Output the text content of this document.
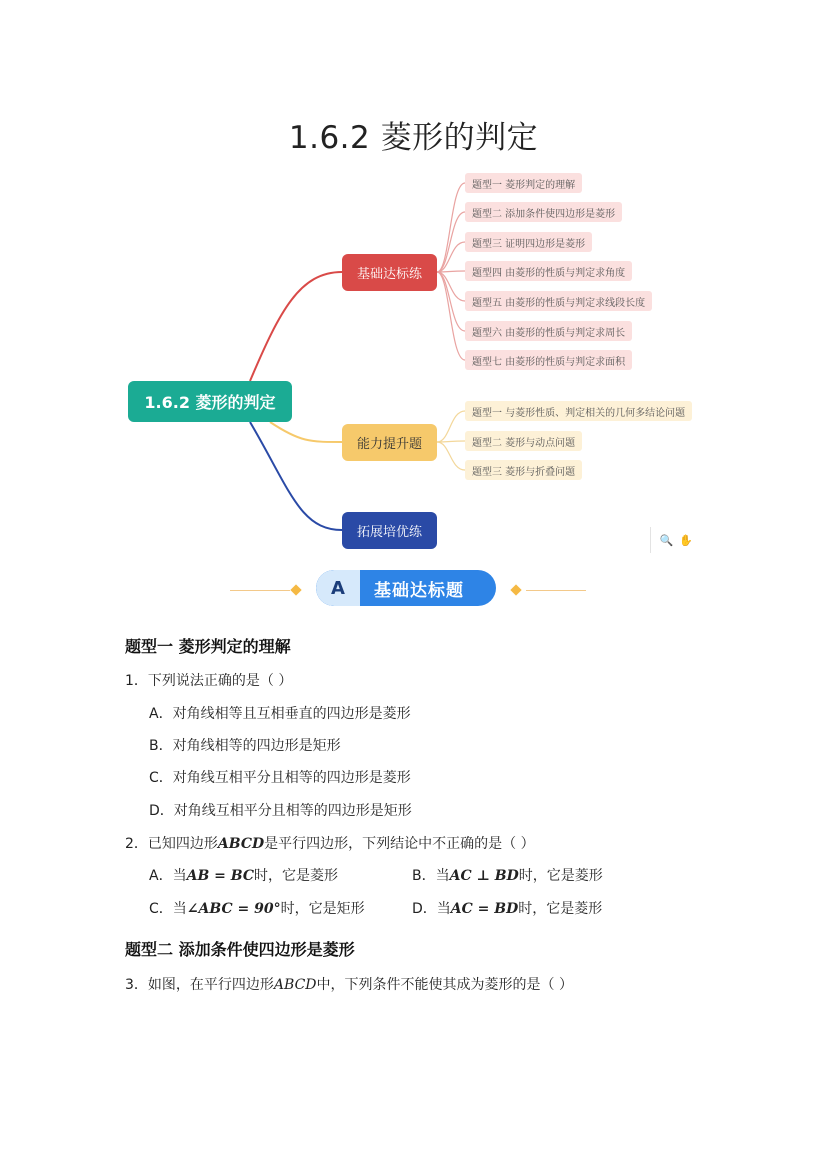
1.6.2 菱形的判定
1.6.2 菱形的判定
基础达标练
能力提升题
拓展培优练
题型一 菱形判定的理解
题型二 添加条件使四边形是菱形
题型三 证明四边形是菱形
题型四 由菱形的性质与判定求角度
题型五 由菱形的性质与判定求线段长度
题型六 由菱形的性质与判定求周长
题型七 由菱形的性质与判定求面积
题型一 与菱形性质、判定相关的几何多结论问题
题型二 菱形与动点问题
题型三 菱形与折叠问题
🔍 ✋
A	基础达标题
题型一 菱形判定的理解
1．下列说法正确的是（ ）
A．对角线相等且互相垂直的四边形是菱形
B．对角线相等的四边形是矩形
C．对角线互相平分且相等的四边形是菱形
D．对角线互相平分且相等的四边形是矩形
2．已知四边形ABCD是平行四边形，下列结论中不正确的是（ ）
A．当AB = BC时，它是菱形	B．当AC ⊥ BD时，它是菱形
C．当∠ABC = 90°时，它是矩形	D．当AC = BD时，它是菱形
题型二 添加条件使四边形是菱形
3．如图，在平行四边形ABCD中，下列条件不能使其成为菱形的是（ ）
